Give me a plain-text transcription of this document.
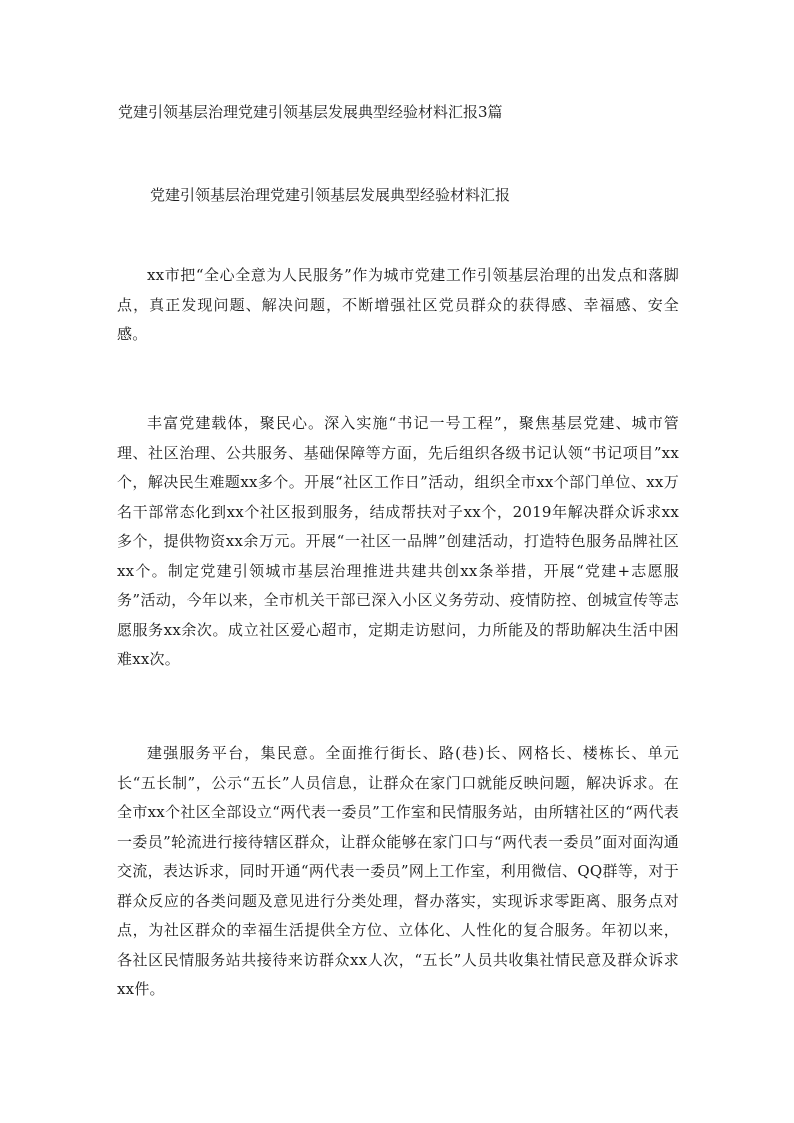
党建引领基层治理党建引领基层发展典型经验材料汇报3篇
党建引领基层治理党建引领基层发展典型经验材料汇报

xx市把“全心全意为人民服务”作为城市党建工作引领基层治理的出发点和落脚点，真正发现问题、解决问题，不断增强社区党员群众的获得感、幸福感、安全感。

丰富党建载体，聚民心。深入实施“书记一号工程”，聚焦基层党建、城市管理、社区治理、公共服务、基础保障等方面，先后组织各级书记认领“书记项目”xx个，解决民生难题xx多个。开展“社区工作日”活动，组织全市xx个部门单位、xx万名干部常态化到xx个社区报到服务，结成帮扶对子xx个，2019年解决群众诉求xx多个，提供物资xx余万元。开展“一社区一品牌”创建活动，打造特色服务品牌社区xx个。制定党建引领城市基层治理推进共建共创xx条举措，开展“党建+志愿服务”活动，今年以来，全市机关干部已深入小区义务劳动、疫情防控、创城宣传等志愿服务xx余次。成立社区爱心超市，定期走访慰问，力所能及的帮助解决生活中困难xx次。

建强服务平台，集民意。全面推行街长、路(巷)长、网格长、楼栋长、单元长“五长制”，公示“五长”人员信息，让群众在家门口就能反映问题，解决诉求。在全市xx个社区全部设立“两代表一委员”工作室和民情服务站，由所辖社区的“两代表一委员”轮流进行接待辖区群众，让群众能够在家门口与“两代表一委员”面对面沟通交流，表达诉求，同时开通“两代表一委员”网上工作室，利用微信、QQ群等，对于群众反应的各类问题及意见进行分类处理，督办落实，实现诉求零距离、服务点对点，为社区群众的幸福生活提供全方位、立体化、人性化的复合服务。年初以来，各社区民情服务站共接待来访群众xx人次，“五长”人员共收集社情民意及群众诉求xx件。
